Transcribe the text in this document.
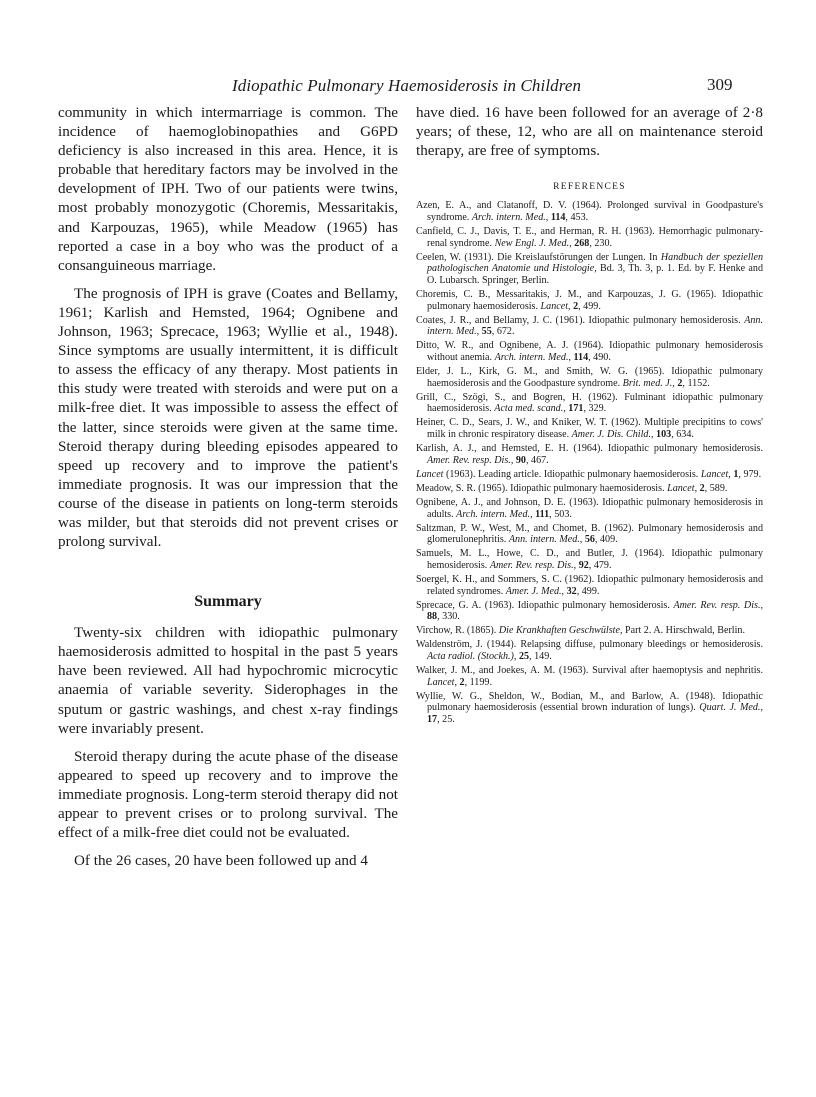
Idiopathic Pulmonary Haemosiderosis in Children	309

community in which intermarriage is common. The incidence of haemoglobinopathies and G6PD deficiency is also increased in this area. Hence, it is probable that hereditary factors may be involved in the development of IPH. Two of our patients were twins, most probably monozygotic (Choremis, Messaritakis, and Karpouzas, 1965), while Meadow (1965) has reported a case in a boy who was the product of a consanguineous marriage.

The prognosis of IPH is grave (Coates and Bellamy, 1961; Karlish and Hemsted, 1964; Ognibene and Johnson, 1963; Sprecace, 1963; Wyllie et al., 1948). Since symptoms are usually intermittent, it is difficult to assess the efficacy of any therapy. Most patients in this study were treated with steroids and were put on a milk-free diet. It was impossible to assess the effect of the latter, since steroids were given at the same time. Steroid therapy during bleeding episodes appeared to speed up recovery and to improve the patient's immediate prognosis. It was our impression that the course of the disease in patients on long-term steroids was milder, but that steroids did not prevent crises or prolong survival.

Summary

Twenty-six children with idiopathic pulmonary haemosiderosis admitted to hospital in the past 5 years have been reviewed. All had hypochromic microcytic anaemia of variable severity. Siderophages in the sputum or gastric washings, and chest x-ray findings were invariably present.

Steroid therapy during the acute phase of the disease appeared to speed up recovery and to improve the immediate prognosis. Long-term steroid therapy did not appear to prevent crises or to prolong survival. The effect of a milk-free diet could not be evaluated.

Of the 26 cases, 20 have been followed up and 4

have died. 16 have been followed for an average of 2·8 years; of these, 12, who are all on maintenance steroid therapy, are free of symptoms.

REFERENCES

Azen, E. A., and Clatanoff, D. V. (1964). Prolonged survival in Goodpasture's syndrome. Arch. intern. Med., 114, 453.

Canfield, C. J., Davis, T. E., and Herman, R. H. (1963). Hemorrhagic pulmonary-renal syndrome. New Engl. J. Med., 268, 230.

Ceelen, W. (1931). Die Kreislaufstörungen der Lungen. In Handbuch der speziellen pathologischen Anatomie und Histologie, Bd. 3, Th. 3, p. 1. Ed. by F. Henke and O. Lubarsch. Springer, Berlin.

Choremis, C. B., Messaritakis, J. M., and Karpouzas, J. G. (1965). Idiopathic pulmonary haemosiderosis. Lancet, 2, 499.

Coates, J. R., and Bellamy, J. C. (1961). Idiopathic pulmonary hemosiderosis. Ann. intern. Med., 55, 672.

Ditto, W. R., and Ognibene, A. J. (1964). Idiopathic pulmonary hemosiderosis without anemia. Arch. intern. Med., 114, 490.

Elder, J. L., Kirk, G. M., and Smith, W. G. (1965). Idiopathic pulmonary haemosiderosis and the Goodpasture syndrome. Brit. med. J., 2, 1152.

Grill, C., Szögi, S., and Bogren, H. (1962). Fulminant idiopathic pulmonary haemosiderosis. Acta med. scand., 171, 329.

Heiner, C. D., Sears, J. W., and Kniker, W. T. (1962). Multiple precipitins to cows' milk in chronic respiratory disease. Amer. J. Dis. Child., 103, 634.

Karlish, A. J., and Hemsted, E. H. (1964). Idiopathic pulmonary hemosiderosis. Amer. Rev. resp. Dis., 90, 467.

Lancet (1963). Leading article. Idiopathic pulmonary haemosiderosis. Lancet, 1, 979.

Meadow, S. R. (1965). Idiopathic pulmonary haemosiderosis. Lancet, 2, 589.

Ognibene, A. J., and Johnson, D. E. (1963). Idiopathic pulmonary hemosiderosis in adults. Arch. intern. Med., 111, 503.

Saltzman, P. W., West, M., and Chomet, B. (1962). Pulmonary hemosiderosis and glomerulonephritis. Ann. intern. Med., 56, 409.

Samuels, M. L., Howe, C. D., and Butler, J. (1964). Idiopathic pulmonary hemosiderosis. Amer. Rev. resp. Dis., 92, 479.

Soergel, K. H., and Sommers, S. C. (1962). Idiopathic pulmonary hemosiderosis and related syndromes. Amer. J. Med., 32, 499.

Sprecace, G. A. (1963). Idiopathic pulmonary hemosiderosis. Amer. Rev. resp. Dis., 88, 330.

Virchow, R. (1865). Die Krankhaften Geschwülste, Part 2. A. Hirschwald, Berlin.

Waldenström, J. (1944). Relapsing diffuse, pulmonary bleedings or hemosiderosis. Acta radiol. (Stockh.), 25, 149.

Walker, J. M., and Joekes, A. M. (1963). Survival after haemoptysis and nephritis. Lancet, 2, 1199.

Wyllie, W. G., Sheldon, W., Bodian, M., and Barlow, A. (1948). Idiopathic pulmonary haemosiderosis (essential brown induration of lungs). Quart. J. Med., 17, 25.
